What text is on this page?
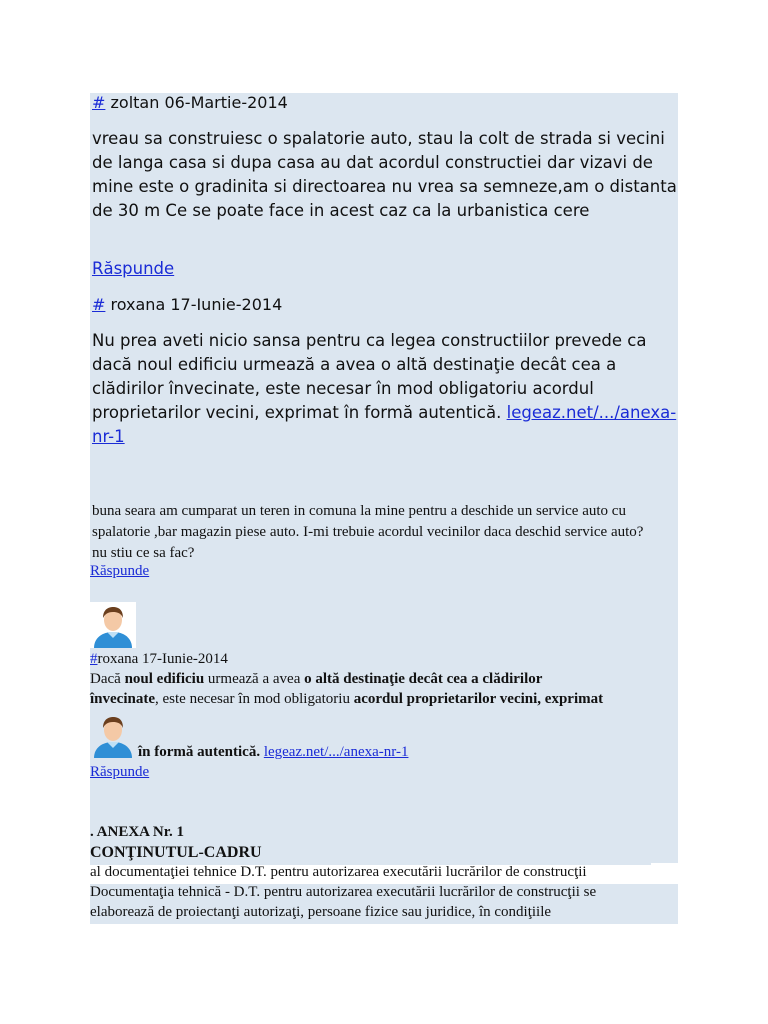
# zoltan 06-Martie-2014
vreau sa construiesc o spalatorie auto, stau la colt de strada si vecini de langa casa si dupa casa au dat acordul constructiei dar vizavi de mine este o gradinita si directoarea nu vrea sa semneze,am o distanta de 30 m Ce se poate face in acest caz ca la urbanistica cere
Răspunde
# roxana 17-Iunie-2014
Nu prea aveti nicio sansa pentru ca legea constructiilor prevede ca dacă noul edificiu urmează a avea o altă destinaţie decât cea a clădirilor învecinate, este necesar în mod obligatoriu acordul proprietarilor vecini, exprimat în formă autentică. legeaz.net/.../anexa-nr-1
buna seara am cumparat un teren in comuna la mine pentru a deschide un service auto cu spalatorie ,bar magazin piese auto. I-mi trebuie acordul vecinilor daca deschid service auto? nu stiu ce sa fac?
Răspunde
#roxana 17-Iunie-2014
Dacă noul edificiu urmează a avea o altă destinaţie decât cea a clădirilor
învecinate, este necesar în mod obligatoriu acordul proprietarilor vecini, exprimat
în formă autentică. legeaz.net/.../anexa-nr-1
Răspunde
. ANEXA Nr. 1
CONŢINUTUL-CADRU
al documentaţiei tehnice D.T. pentru autorizarea executării lucrărilor de construcţii
Documentaţia tehnică - D.T. pentru autorizarea executării lucrărilor de construcţii se
elaborează de proiectanţi autorizaţi, persoane fizice sau juridice, în condiţiile
